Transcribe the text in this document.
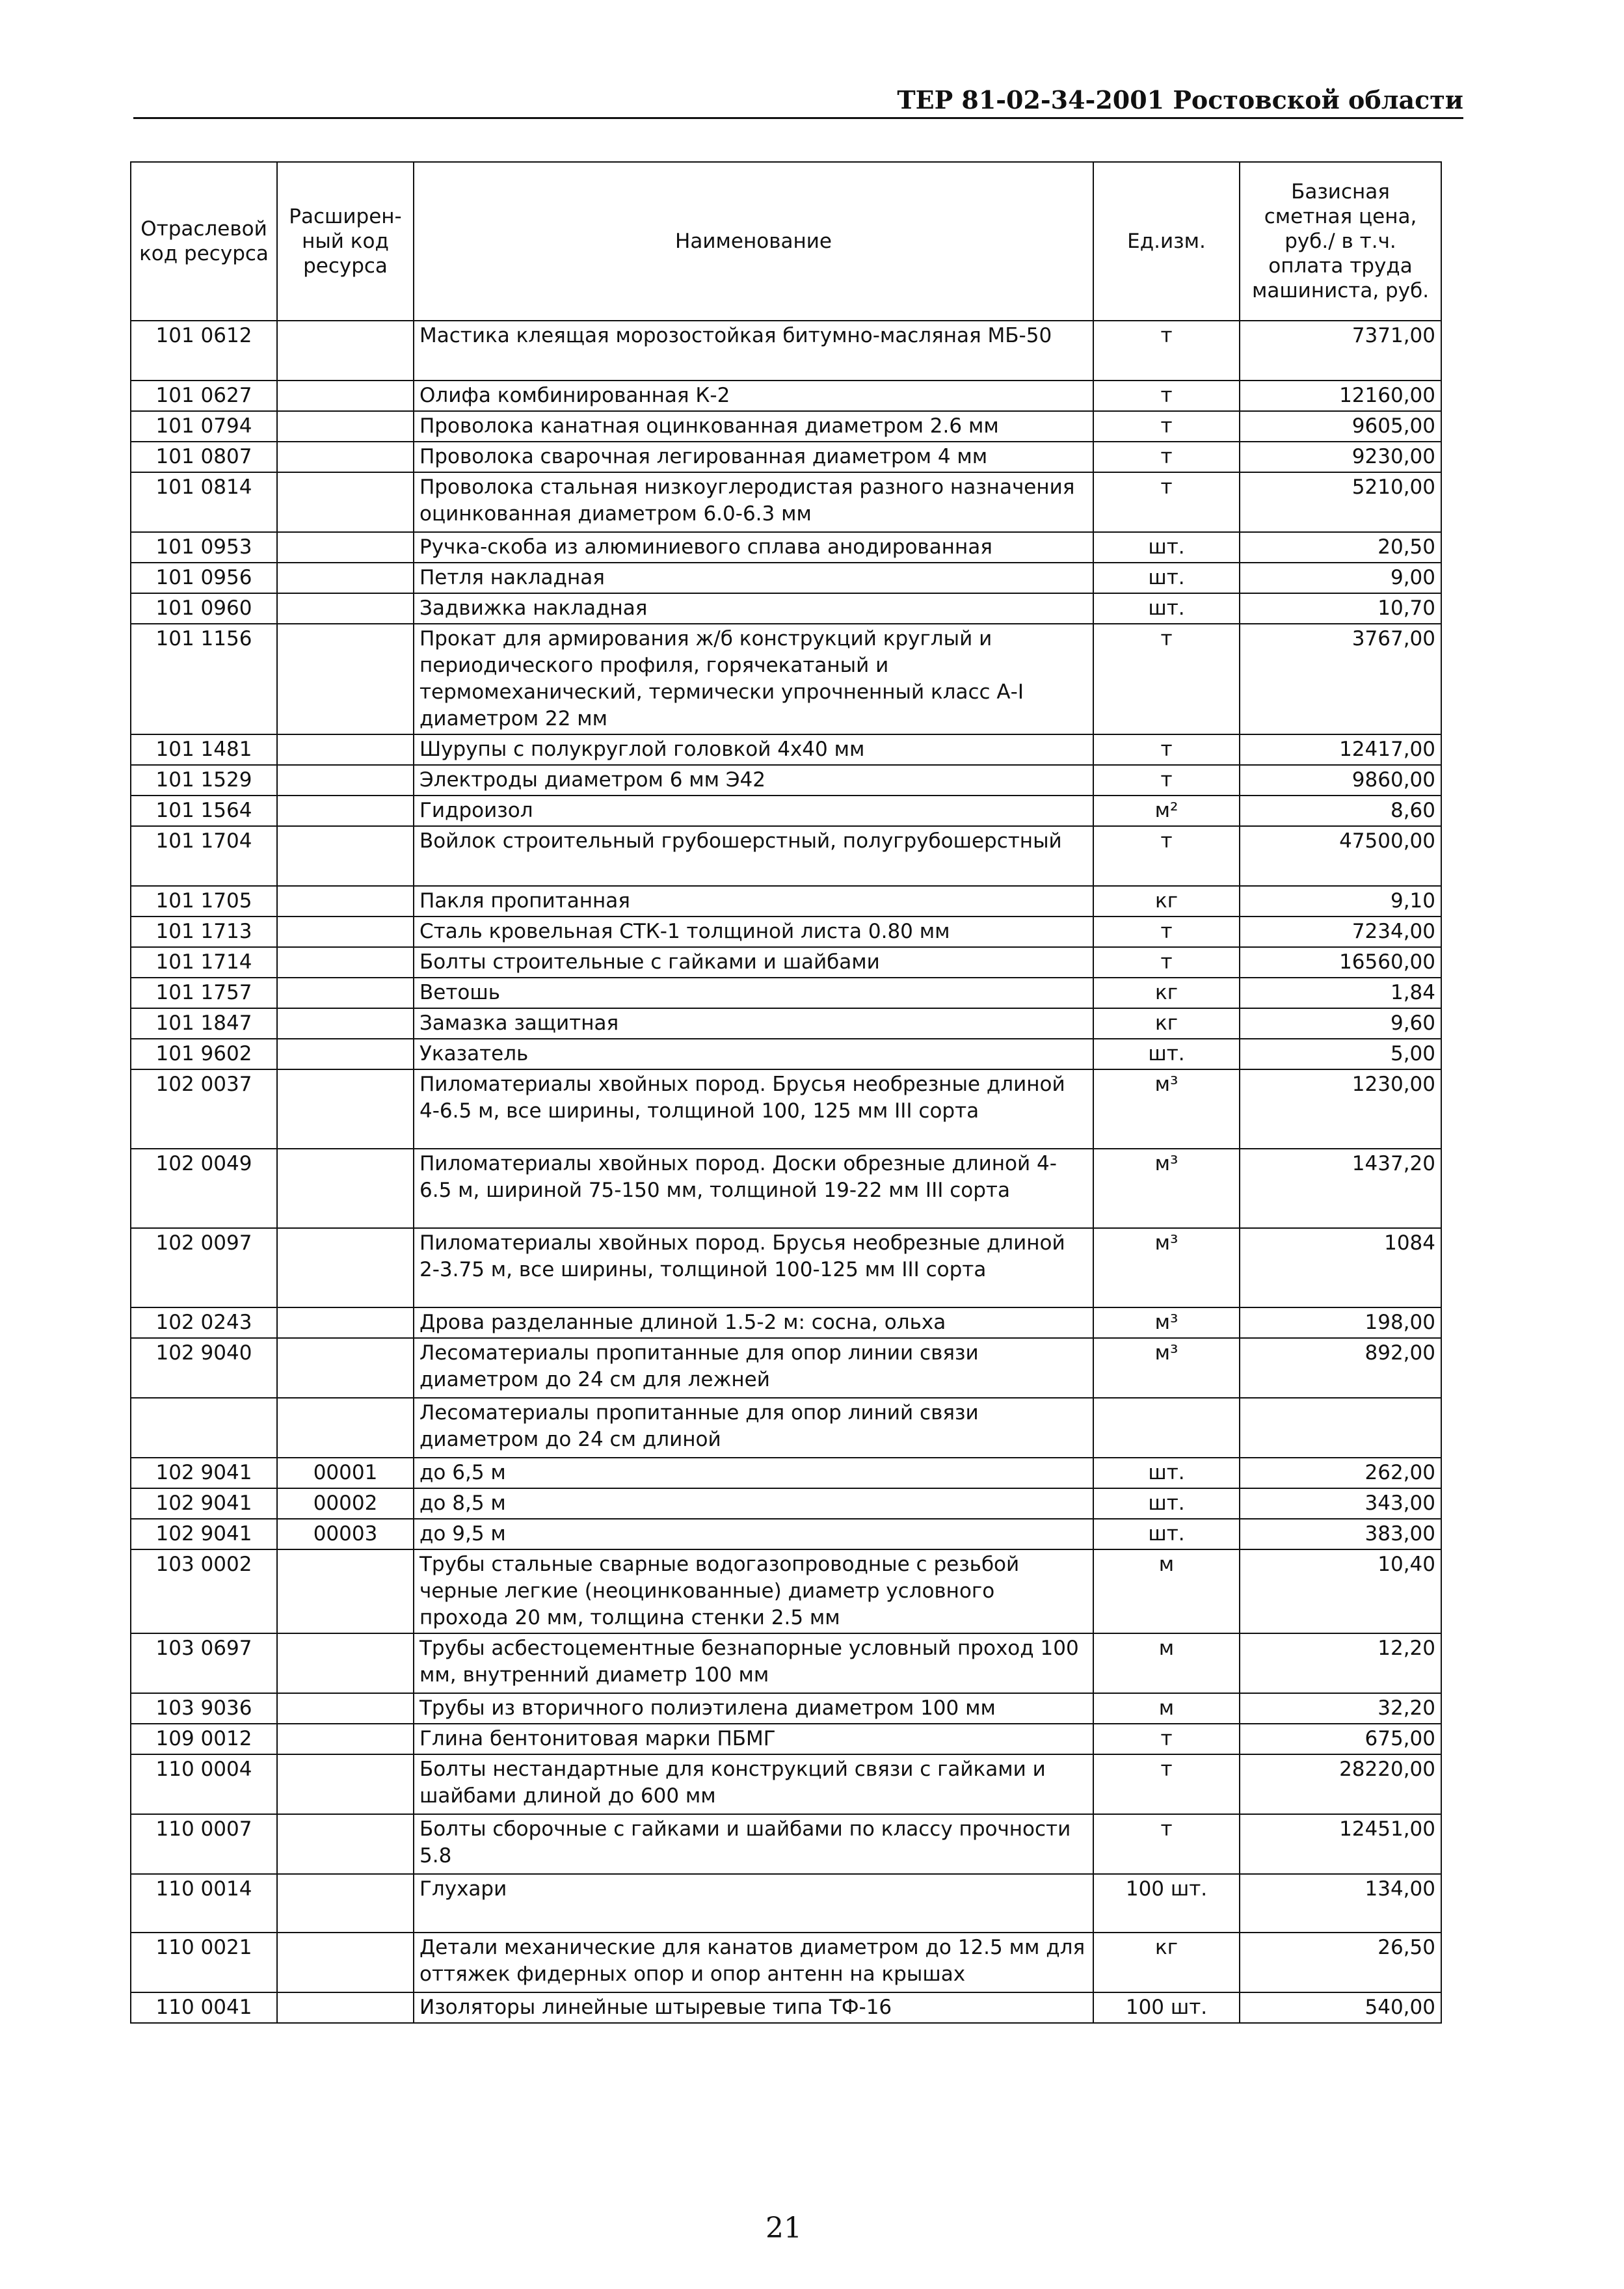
ТЕР 81-02-34-2001 Ростовской области
Отраслевой код ресурса	Расширен-ный код ресурса	Наименование	Ед.изм.	Базисная сметная цена, руб./ в т.ч. оплата труда машиниста, руб.
101 0612		Мастика клеящая морозостойкая битумно-масляная МБ-50	т	7371,00
101 0627		Олифа комбинированная К-2	т	12160,00
101 0794		Проволока канатная оцинкованная диаметром 2.6 мм	т	9605,00
101 0807		Проволока сварочная легированная диаметром 4 мм	т	9230,00
101 0814		Проволока стальная низкоуглеродистая разного назначения оцинкованная диаметром 6.0-6.3 мм	т	5210,00
101 0953		Ручка-скоба из алюминиевого сплава анодированная	шт.	20,50
101 0956		Петля накладная	шт.	9,00
101 0960		Задвижка накладная	шт.	10,70
101 1156		Прокат для армирования ж/б конструкций круглый и периодического профиля, горячекатаный и термомеханический, термически упрочненный класс А-I диаметром 22 мм	т	3767,00
101 1481		Шурупы с полукруглой головкой 4x40 мм	т	12417,00
101 1529		Электроды диаметром 6 мм Э42	т	9860,00
101 1564		Гидроизол	м²	8,60
101 1704		Войлок строительный грубошерстный, полугрубошерстный	т	47500,00
101 1705		Пакля пропитанная	кг	9,10
101 1713		Сталь кровельная СТК-1 толщиной листа 0.80 мм	т	7234,00
101 1714		Болты строительные с гайками и шайбами	т	16560,00
101 1757		Ветошь	кг	1,84
101 1847		Замазка защитная	кг	9,60
101 9602		Указатель	шт.	5,00
102 0037		Пиломатериалы хвойных пород. Брусья необрезные длиной 4-6.5 м, все ширины, толщиной 100, 125 мм III сорта	м³	1230,00
102 0049		Пиломатериалы хвойных пород. Доски обрезные длиной 4-6.5 м, шириной 75-150 мм, толщиной 19-22 мм III сорта	м³	1437,20
102 0097		Пиломатериалы хвойных пород. Брусья необрезные длиной 2-3.75 м, все ширины, толщиной 100-125 мм III сорта	м³	1084
102 0243		Дрова разделанные длиной 1.5-2 м: сосна, ольха	м³	198,00
102 9040		Лесоматериалы пропитанные для опор линии связи диаметром до 24 см для лежней	м³	892,00
		Лесоматериалы пропитанные для опор линий связи диаметром до 24 см длиной		
102 9041	00001	до 6,5 м	шт.	262,00
102 9041	00002	до 8,5 м	шт.	343,00
102 9041	00003	до 9,5 м	шт.	383,00
103 0002		Трубы стальные сварные водогазопроводные с резьбой черные легкие (неоцинкованные) диаметр условного прохода 20 мм, толщина стенки 2.5 мм	м	10,40
103 0697		Трубы асбестоцементные безнапорные условный проход 100 мм, внутренний диаметр 100 мм	м	12,20
103 9036		Трубы из вторичного полиэтилена диаметром 100 мм	м	32,20
109 0012		Глина бентонитовая марки ПБМГ	т	675,00
110 0004		Болты нестандартные для конструкций связи с гайками и шайбами длиной до 600 мм	т	28220,00
110 0007		Болты сборочные с гайками и шайбами по классу прочности 5.8	т	12451,00
110 0014		Глухари	100 шт.	134,00
110 0021		Детали механические для канатов диаметром до 12.5 мм для оттяжек фидерных опор и опор антенн на крышах	кг	26,50
110 0041		Изоляторы линейные штыревые типа ТФ-16	100 шт.	540,00
21
